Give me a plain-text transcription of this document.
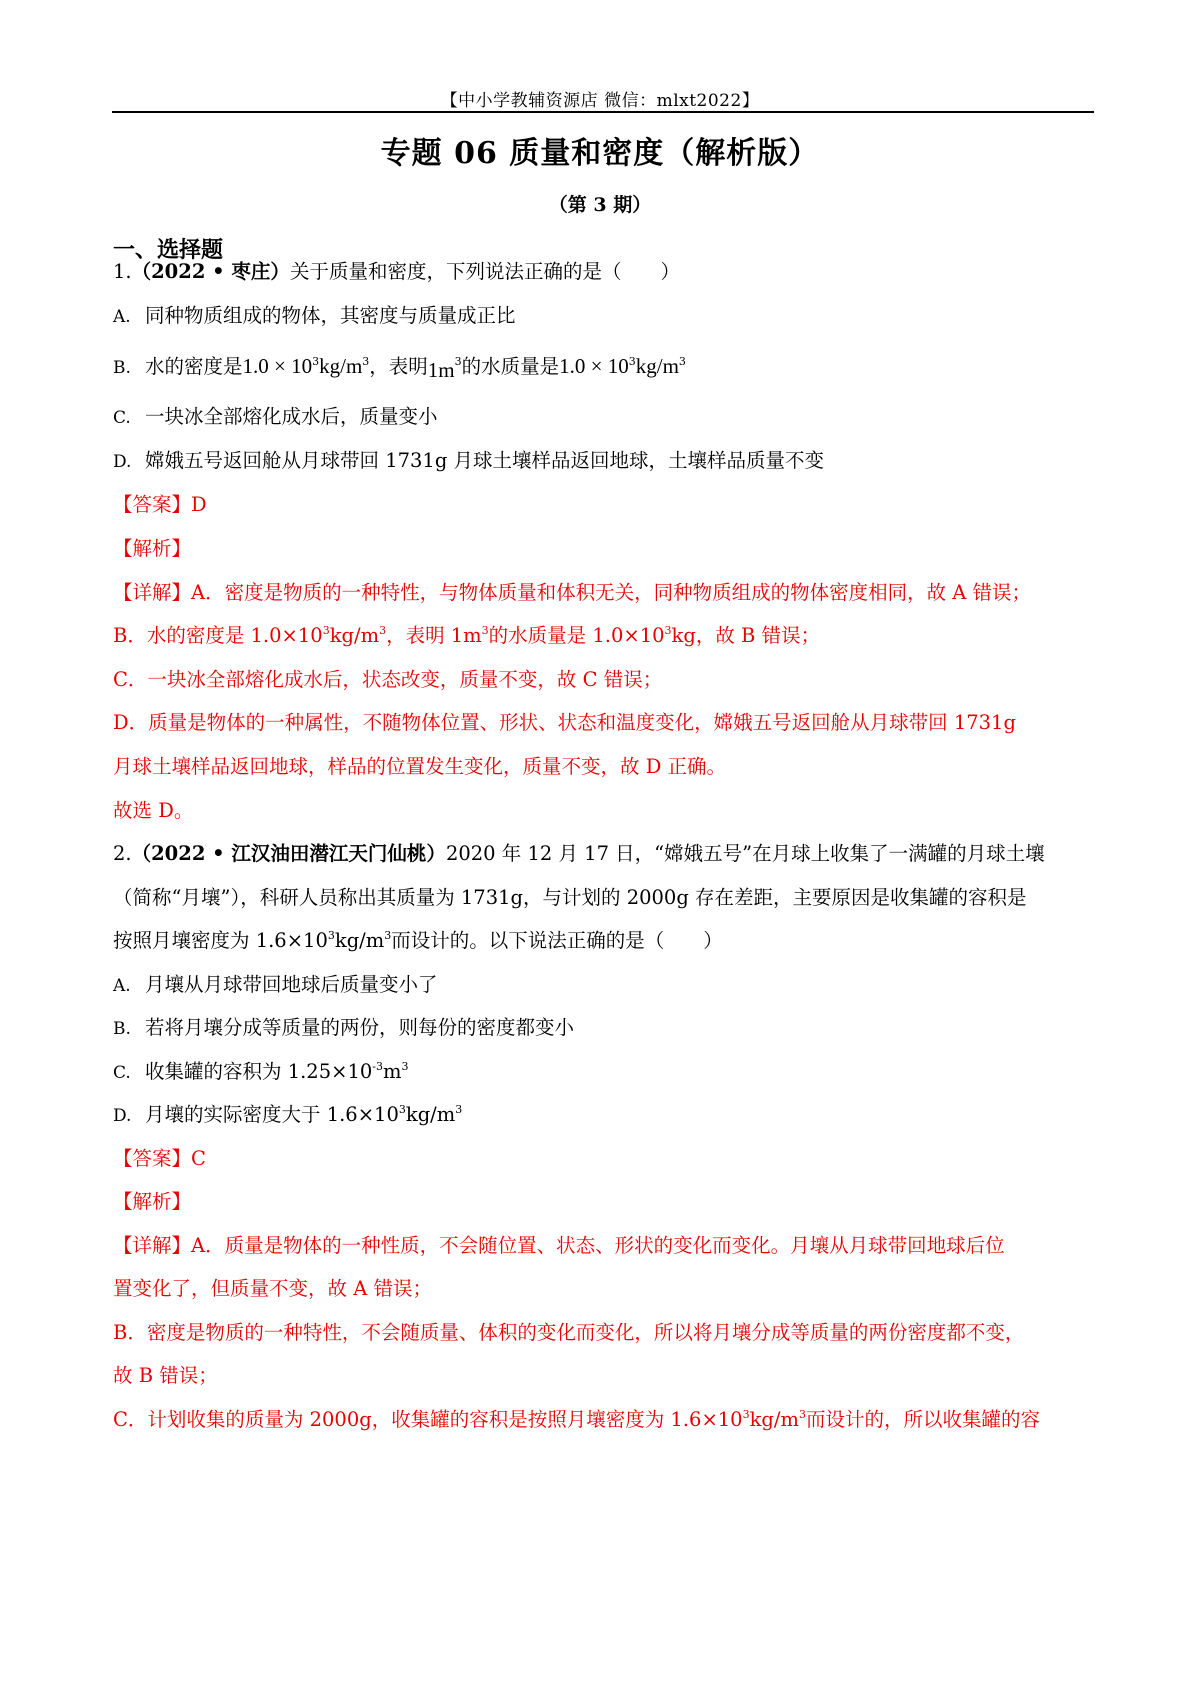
【中小学教辅资源店 微信：mlxt2022】
专题 06 质量和密度（解析版）
（第 3 期）
一、选择题
1.（2022 • 枣庄）关于质量和密度，下列说法正确的是（　　）
A. 同种物质组成的物体，其密度与质量成正比
B. 水的密度是$1.0 \times 10^3kg/m^3$，表明$1m^3$的水质量是$1.0 \times 10^3kg/m^3$
C. 一块冰全部熔化成水后，质量变小
D. 嫦娥五号返回舱从月球带回 1731g 月球土壤样品返回地球，土壤样品质量不变
【答案】D
【解析】
【详解】A．密度是物质的一种特性，与物体质量和体积无关，同种物质组成的物体密度相同，故 A 错误；
B．水的密度是 $1.0\times 10^3kg/m^3$，表明 $1m^3$的水质量是 $1.0\times 10^3kg$，故 B 错误；
C．一块冰全部熔化成水后，状态改变，质量不变，故 C 错误；
D．质量是物体的一种属性，不随物体位置、形状、状态和温度变化，嫦娥五号返回舱从月球带回 1731g
月球土壤样品返回地球，样品的位置发生变化，质量不变，故 D 正确。
故选 D。
2.（2022 • 江汉油田潜江天门仙桃）2020 年 12 月 17 日，“嫦娥五号”在月球上收集了一满罐的月球土壤
（简称“月壤”），科研人员称出其质量为 1731g，与计划的 2000g 存在差距，主要原因是收集罐的容积是
按照月壤密度为 $1.6\times 10^3kg/m^3$而设计的。以下说法正确的是（　　）
A. 月壤从月球带回地球后质量变小了
B. 若将月壤分成等质量的两份，则每份的密度都变小
C. 收集罐的容积为 $1.25\times 10^{-3}m^3$
D. 月壤的实际密度大于 $1.6\times 10^3kg/m^3$
【答案】C
【解析】
【详解】A．质量是物体的一种性质，不会随位置、状态、形状的变化而变化。月壤从月球带回地球后位
置变化了，但质量不变，故 A 错误；
B．密度是物质的一种特性，不会随质量、体积的变化而变化，所以将月壤分成等质量的两份密度都不变，
故 B 错误；
C．计划收集的质量为 2000g，收集罐的容积是按照月壤密度为 $1.6\times 10^3kg/m^3$而设计的，所以收集罐的容
